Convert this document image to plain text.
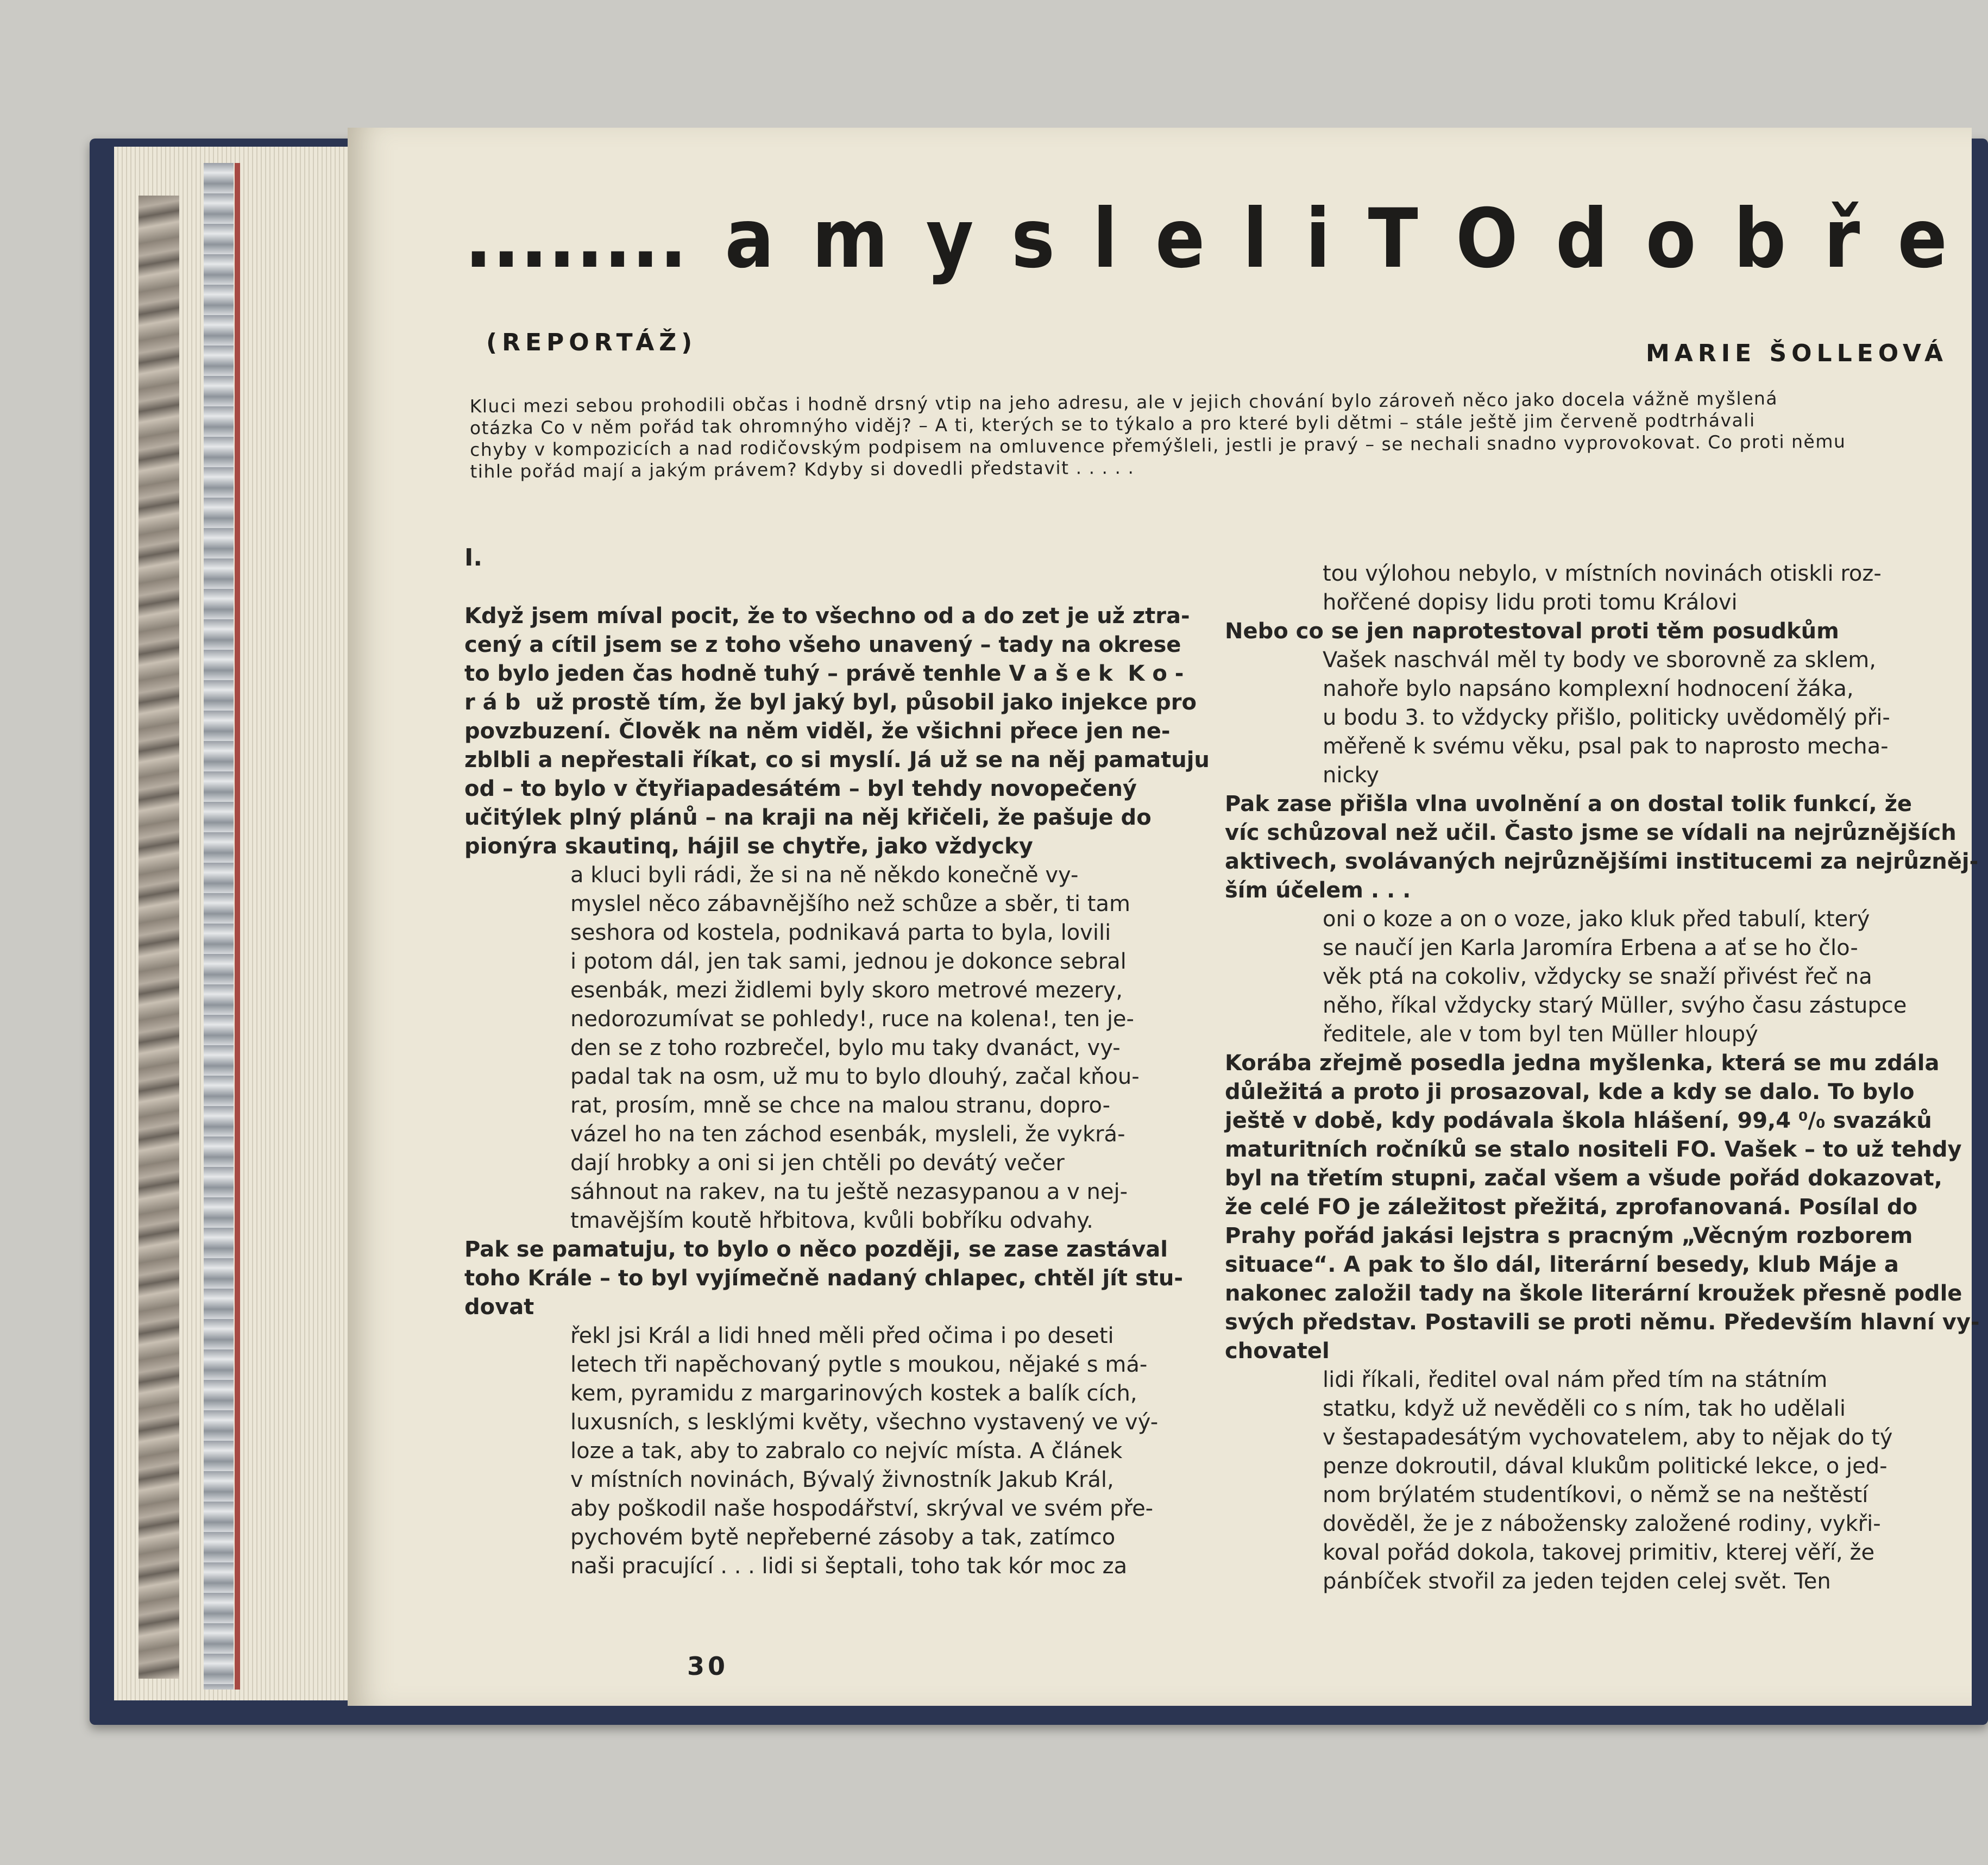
........ a m y s l e l i T O d o b ř e
(REPORTÁŽ)	MARIE ŠOLLEOVÁ
Kluci mezi sebou prohodili občas i hodně drsný vtip na jeho adresu, ale v jejich chování bylo zároveň něco jako docela vážně myšlená
otázka Co v něm pořád tak ohromnýho viděj? – A ti, kterých se to týkalo a pro které byli dětmi – stále ještě jim červeně podtrhávali
chyby v kompozicích a nad rodičovským podpisem na omluvence přemýšleli, jestli je pravý – se nechali snadno vyprovokovat. Co proti němu
tihle pořád mají a jakým právem? Kdyby si dovedli představit . . . . .
I.
Když jsem míval pocit, že to všechno od a do zet je už ztra-
cený a cítil jsem se z toho všeho unavený – tady na okrese
to bylo jeden čas hodně tuhý – právě tenhle V a š e k  K o -
r á b  už prostě tím, že byl jaký byl, působil jako injekce pro
povzbuzení. Člověk na něm viděl, že všichni přece jen ne-
zblbli a nepřestali říkat, co si myslí. Já už se na něj pamatuju
od – to bylo v čtyřiapadesátém – byl tehdy novopečený
učitýlek plný plánů – na kraji na něj křičeli, že pašuje do
pionýra skautinq, hájil se chytře, jako vždycky
a kluci byli rádi, že si na ně někdo konečně vy-
myslel něco zábavnějšího než schůze a sběr, ti tam
seshora od kostela, podnikavá parta to byla, lovili
i potom dál, jen tak sami, jednou je dokonce sebral
esenbák, mezi židlemi byly skoro metrové mezery,
nedorozumívat se pohledy!, ruce na kolena!, ten je-
den se z toho rozbrečel, bylo mu taky dvanáct, vy-
padal tak na osm, už mu to bylo dlouhý, začal kňou-
rat, prosím, mně se chce na malou stranu, dopro-
vázel ho na ten záchod esenbák, mysleli, že vykrá-
dají hrobky a oni si jen chtěli po devátý večer
sáhnout na rakev, na tu ještě nezasypanou a v nej-
tmavějším koutě hřbitova, kvůli bobříku odvahy.
Pak se pamatuju, to bylo o něco později, se zase zastával
toho Krále – to byl vyjímečně nadaný chlapec, chtěl jít stu-
dovat
řekl jsi Král a lidi hned měli před očima i po deseti
letech tři napěchovaný pytle s moukou, nějaké s má-
kem, pyramidu z margarinových kostek a balík cích,
luxusních, s lesklými květy, všechno vystavený ve vý-
loze a tak, aby to zabralo co nejvíc místa. A článek
v místních novinách, Bývalý živnostník Jakub Král,
aby poškodil naše hospodářství, skrýval ve svém pře-
pychovém bytě nepřeberné zásoby a tak, zatímco
naši pracující . . . lidi si šeptali, toho tak kór moc za
tou výlohou nebylo, v místních novinách otiskli roz-
hořčené dopisy lidu proti tomu Královi
Nebo co se jen naprotestoval proti těm posudkům
Vašek naschvál měl ty body ve sborovně za sklem,
nahoře bylo napsáno komplexní hodnocení žáka,
u bodu 3. to vždycky přišlo, politicky uvědomělý při-
měřeně k svému věku, psal pak to naprosto mecha-
nicky
Pak zase přišla vlna uvolnění a on dostal tolik funkcí, že
víc schůzoval než učil. Často jsme se vídali na nejrůznějších
aktivech, svolávaných nejrůznějšími institucemi za nejrůzněj-
ším účelem . . .
oni o koze a on o voze, jako kluk před tabulí, který
se naučí jen Karla Jaromíra Erbena a ať se ho člo-
věk ptá na cokoliv, vždycky se snaží přivést řeč na
něho, říkal vždycky starý Müller, svýho času zástupce
ředitele, ale v tom byl ten Müller hloupý
Korába zřejmě posedla jedna myšlenka, která se mu zdála
důležitá a proto ji prosazoval, kde a kdy se dalo. To bylo
ještě v době, kdy podávala škola hlášení, 99,4 ⁰/₀ svazáků
maturitních ročníků se stalo nositeli FO. Vašek – to už tehdy
byl na třetím stupni, začal všem a všude pořád dokazovat,
že celé FO je záležitost přežitá, zprofanovaná. Posílal do
Prahy pořád jakási lejstra s pracným „Věcným rozborem
situace“. A pak to šlo dál, literární besedy, klub Máje a
nakonec založil tady na škole literární kroužek přesně podle
svých představ. Postavili se proti němu. Především hlavní vy-
chovatel
lidi říkali, ředitel oval nám před tím na státním
statku, když už nevěděli co s ním, tak ho udělali
v šestapadesátým vychovatelem, aby to nějak do tý
penze dokroutil, dával klukům politické lekce, o jed-
nom brýlatém studentíkovi, o němž se na neštěstí
dověděl, že je z nábožensky založené rodiny, vykři-
koval pořád dokola, takovej primitiv, kterej věří, že
pánbíček stvořil za jeden tejden celej svět. Ten
30
